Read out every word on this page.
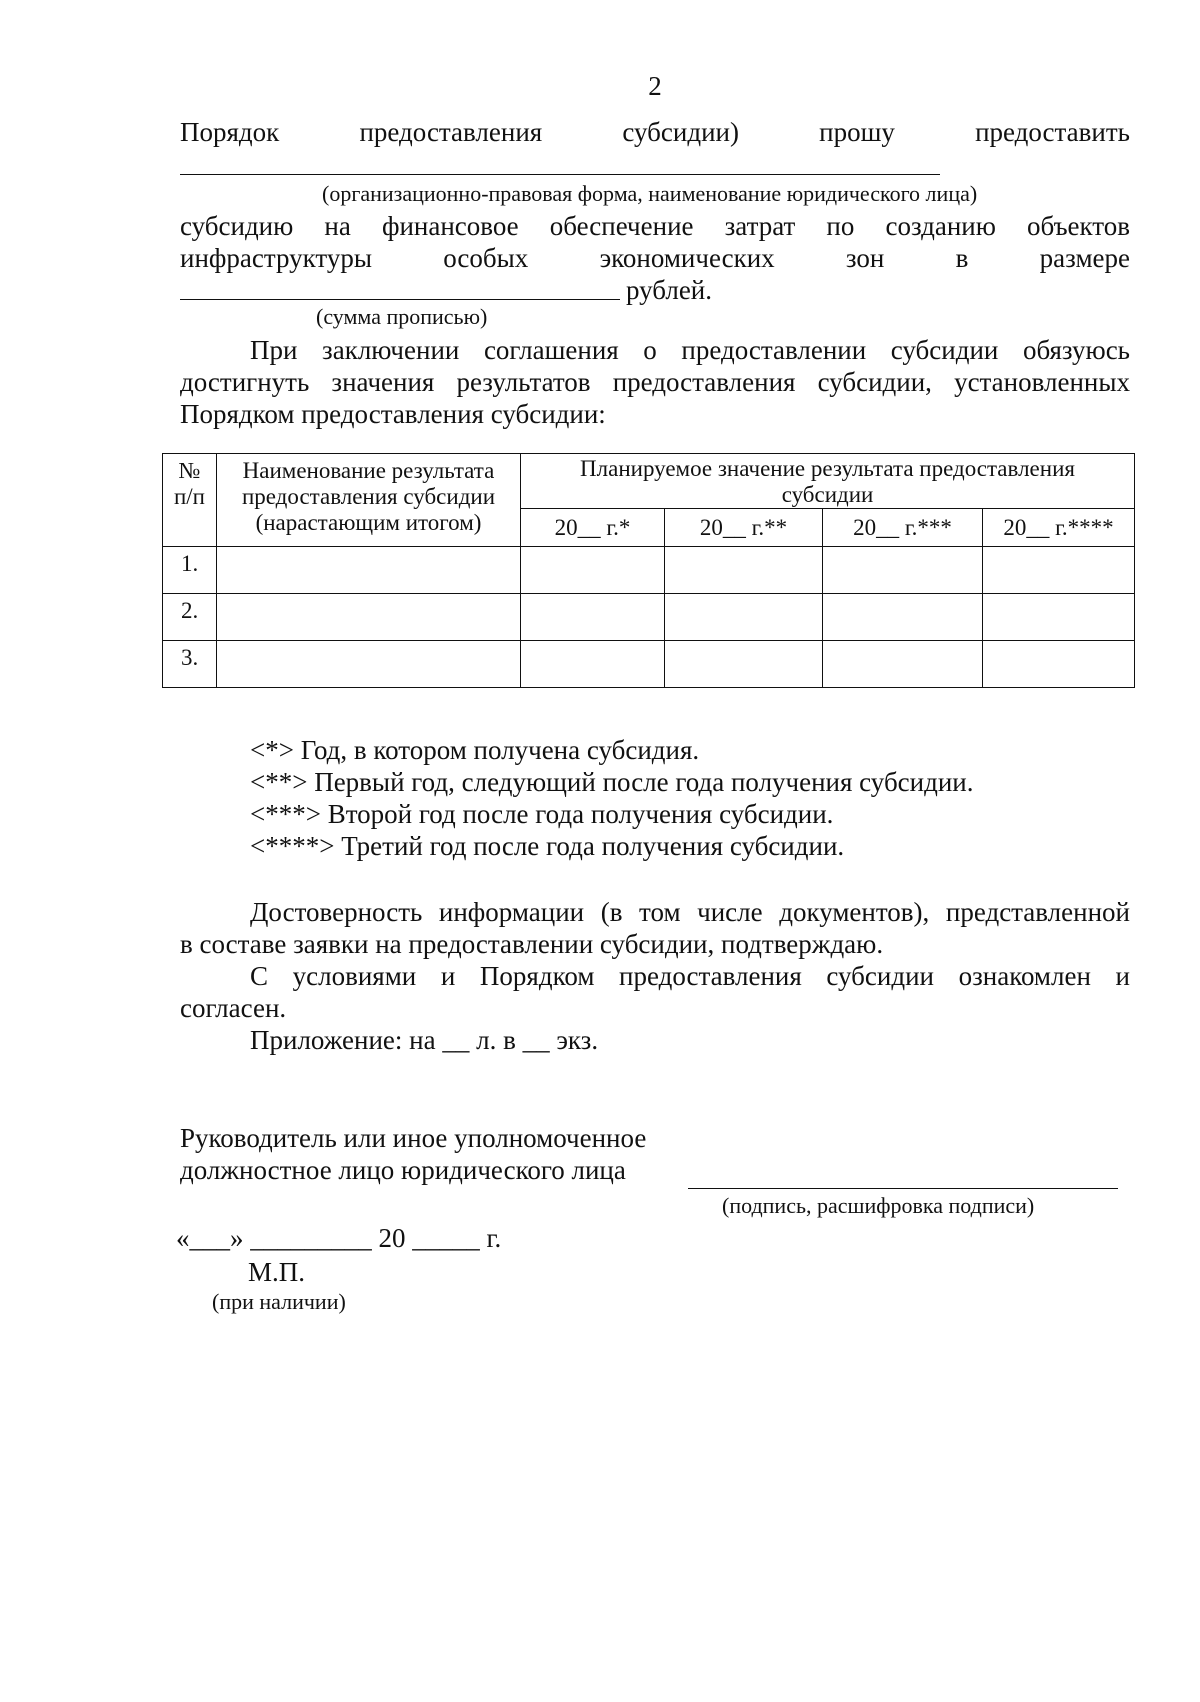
2
Порядок	предоставления	субсидии)	прошу	предоставить
(организационно-правовая форма, наименование юридического лица)
субсидию на финансовое обеспечение затрат по созданию объектов
инфраструктуры	особых	экономических	зон	в	размере
рублей.
(сумма прописью)
При заключении соглашения о предоставлении субсидии обязуюсь
достигнуть значения результатов предоставления субсидии, установленных
Порядком предоставления субсидии:
№ п/п	Наименование результата предоставления субсидии (нарастающим итогом)	Планируемое значение результата предоставления субсидии			
		20__ г.*	20__ г.**	20__ г.***	20__ г.****
1.					
2.					
3.					
<*> Год, в котором получена субсидия.
<**> Первый год, следующий после года получения субсидии.
<***> Второй год после года получения субсидии.
<****> Третий год после года получения субсидии.
Достоверность информации (в том числе документов), представленной
в составе заявки на предоставлении субсидии, подтверждаю.
С условиями и Порядком предоставления субсидии ознакомлен и
согласен.
Приложение: на __ л. в __ экз.
Руководитель или иное уполномоченное
должностное лицо юридического лица
(подпись, расшифровка подписи)
«___» _________ 20 _____ г.
М.П.
(при наличии)
